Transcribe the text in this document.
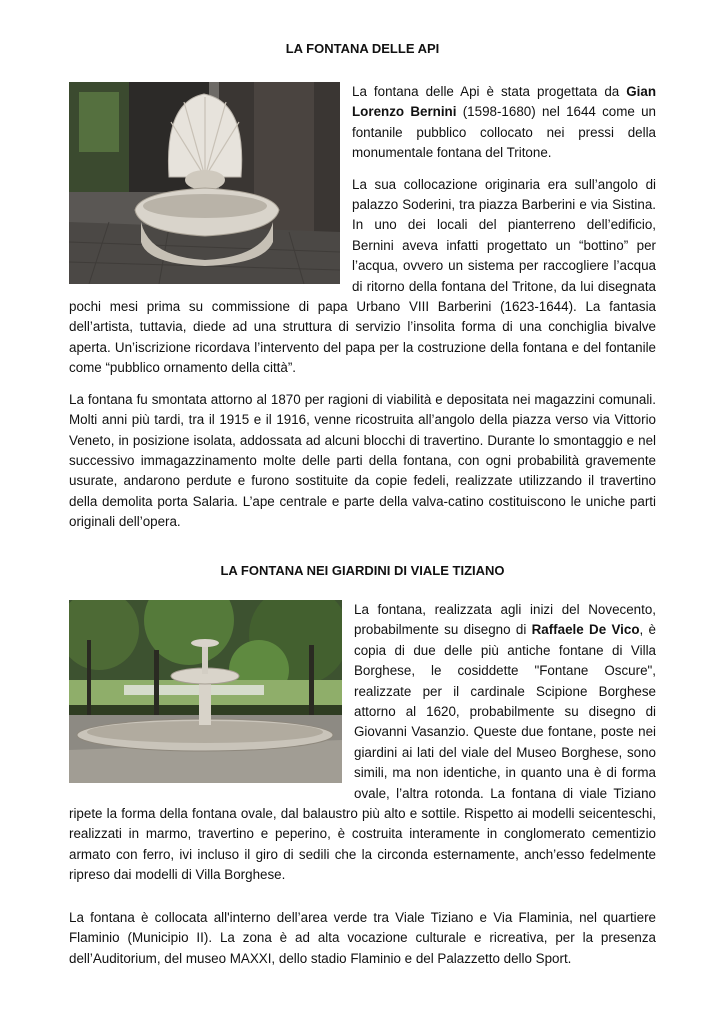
LA FONTANA DELLE API

La fontana delle Api è stata progettata da Gian Lorenzo Bernini (1598-1680) nel 1644 come un fontanile pubblico collocato nei pressi della monumentale fontana del Tritone.

La sua collocazione originaria era sull’angolo di palazzo Soderini, tra piazza Barberini e via Sistina. In uno dei locali del pianterreno dell’edificio, Bernini aveva infatti progettato un “bottino” per l’acqua, ovvero un sistema per raccogliere l’acqua di ritorno della fontana del Tritone, da lui disegnata pochi mesi prima su commissione di papa Urbano VIII Barberini (1623-1644). La fantasia dell’artista, tuttavia, diede ad una struttura di servizio l’insolita forma di una conchiglia bivalve aperta. Un’iscrizione ricordava l’intervento del papa per la costruzione della fontana e del fontanile come “pubblico ornamento della città”.

La fontana fu smontata attorno al 1870 per ragioni di viabilità e depositata nei magazzini comunali. Molti anni più tardi, tra il 1915 e il 1916, venne ricostruita all’angolo della piazza verso via Vittorio Veneto, in posizione isolata, addossata ad alcuni blocchi di travertino. Durante lo smontaggio e nel successivo immagazzinamento molte delle parti della fontana, con ogni probabilità gravemente usurate, andarono perdute e furono sostituite da copie fedeli, realizzate utilizzando il travertino della demolita porta Salaria. L’ape centrale e parte della valva-catino costituiscono le uniche parti originali dell’opera.

LA FONTANA NEI GIARDINI DI VIALE TIZIANO

La fontana, realizzata agli inizi del Novecento, probabilmente su disegno di Raffaele De Vico, è copia di due delle più antiche fontane di Villa Borghese, le cosiddette "Fontane Oscure", realizzate per il cardinale Scipione Borghese attorno al 1620, probabilmente su disegno di Giovanni Vasanzio. Queste due fontane, poste nei giardini ai lati del viale del Museo Borghese, sono simili, ma non identiche, in quanto una è di forma ovale, l’altra rotonda. La fontana di viale Tiziano ripete la forma della fontana ovale, dal balaustro più alto e sottile. Rispetto ai modelli seicenteschi, realizzati in marmo, travertino e peperino, è costruita interamente in conglomerato cementizio armato con ferro, ivi incluso il giro di sedili che la circonda esternamente, anch’esso fedelmente ripreso dai modelli di Villa Borghese.

La fontana è collocata all'interno dell’area verde tra Viale Tiziano e Via Flaminia, nel quartiere Flaminio (Municipio II). La zona è ad alta vocazione culturale e ricreativa, per la presenza dell’Auditorium, del museo MAXXI, dello stadio Flaminio e del Palazzetto dello Sport.
